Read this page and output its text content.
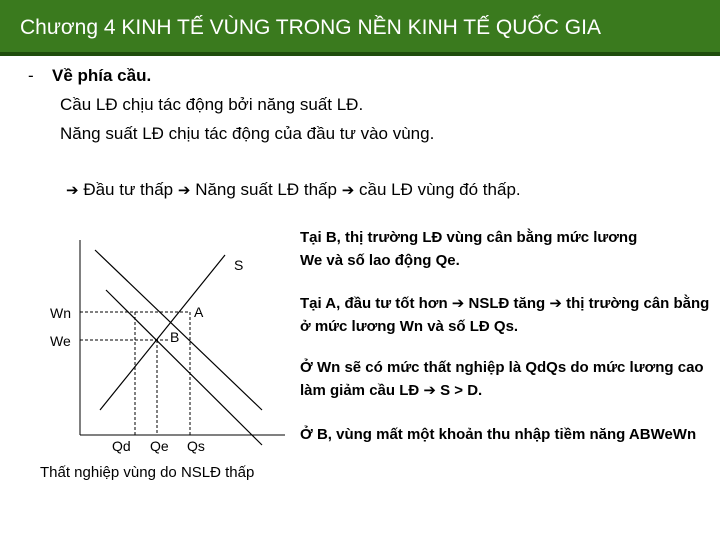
Chương 4 KINH TẾ VÙNG TRONG NỀN KINH TẾ QUỐC GIA
- Về phía cầu.
Cầu LĐ chịu tác động bởi năng suất LĐ.
Năng suất LĐ chịu tác động của đầu tư vào vùng.
➔ Đầu tư thấp ➔ Năng suất LĐ thấp ➔ cầu LĐ vùng đó thấp.
S
A
B
Wn
We
Qd Qe Qs
Thất nghiệp vùng do NSLĐ thấp
Tại B, thị trường LĐ vùng cân bằng mức lương
We và số lao động Qe.
Tại A, đầu tư tốt hơn ➔ NSLĐ tăng ➔ thị trường cân bằng ở mức lương Wn và số LĐ Qs.
Ở Wn sẽ có mức thất nghiệp là QdQs do mức lương cao làm giảm cầu LĐ ➔ S > D.
Ở B, vùng mất một khoản thu nhập tiềm năng ABWeWn
